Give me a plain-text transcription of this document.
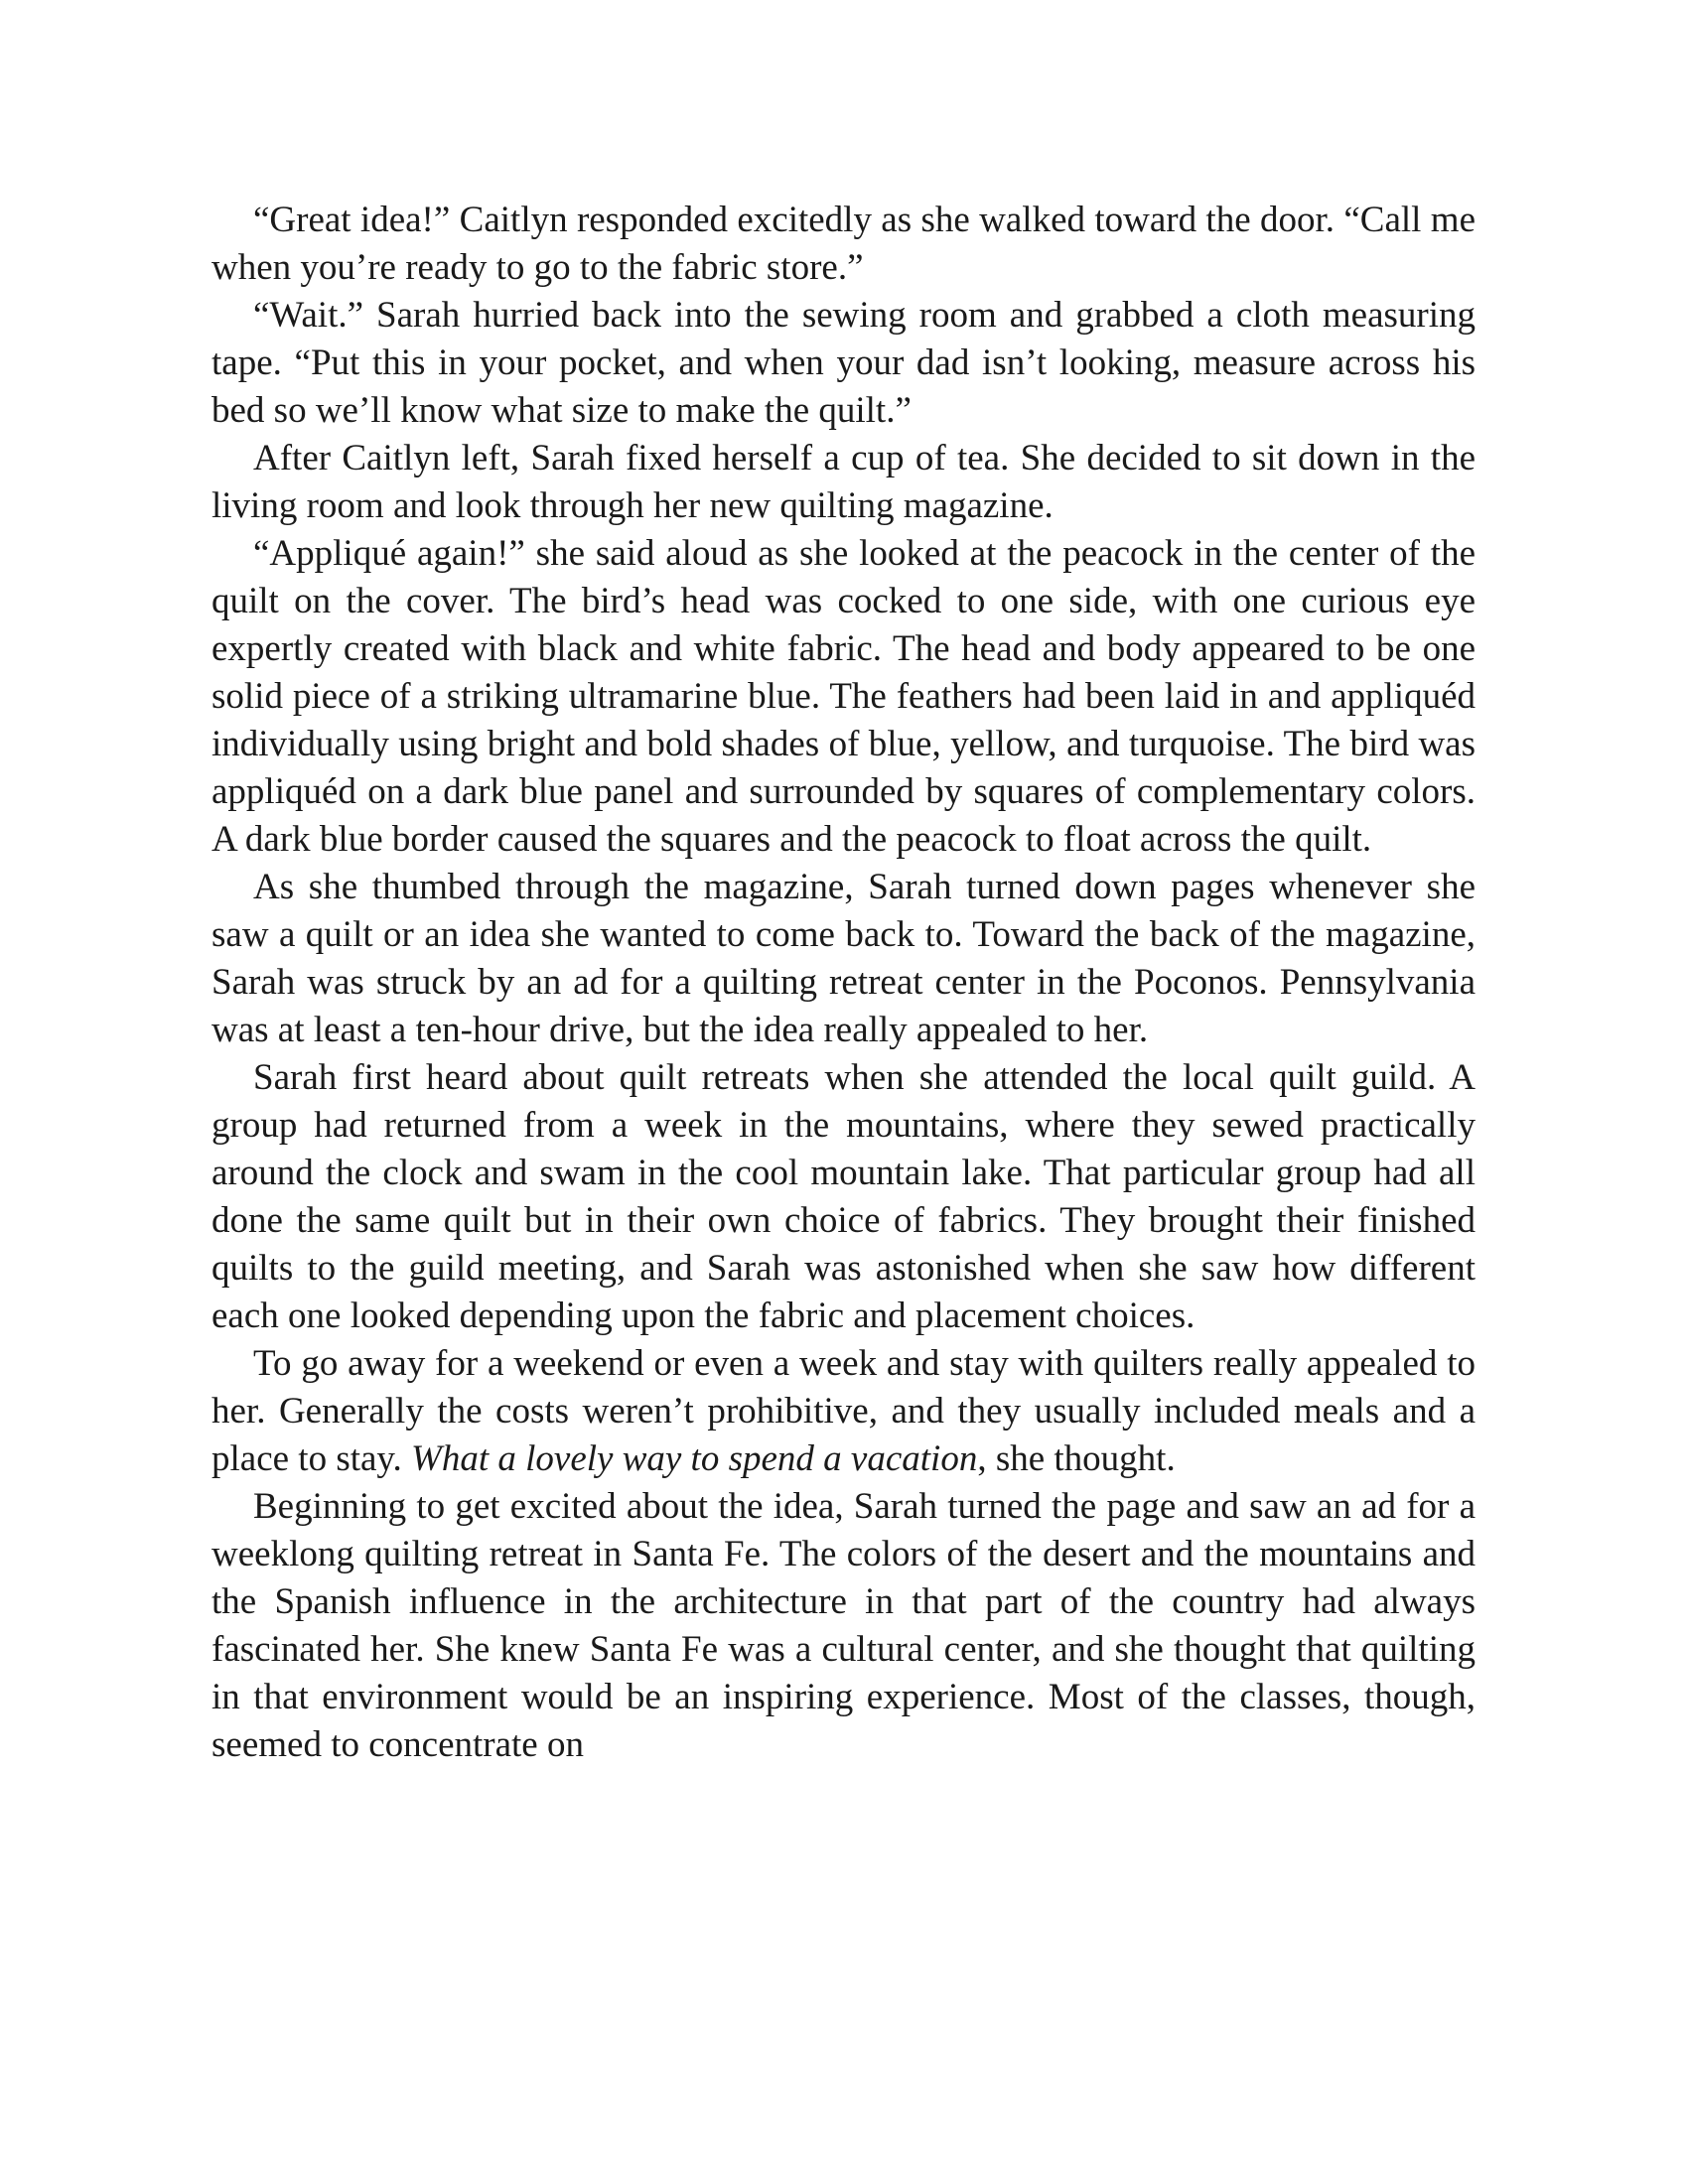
“Great idea!” Caitlyn responded excitedly as she walked toward the door. “Call me when you’re ready to go to the fabric store.”

“Wait.” Sarah hurried back into the sewing room and grabbed a cloth measuring tape. “Put this in your pocket, and when your dad isn’t looking, measure across his bed so we’ll know what size to make the quilt.”

After Caitlyn left, Sarah fixed herself a cup of tea. She decided to sit down in the living room and look through her new quilting magazine.

“Appliqué again!” she said aloud as she looked at the peacock in the center of the quilt on the cover. The bird’s head was cocked to one side, with one curious eye expertly created with black and white fabric. The head and body appeared to be one solid piece of a striking ultramarine blue. The feathers had been laid in and appliquéd individually using bright and bold shades of blue, yellow, and turquoise. The bird was appliquéd on a dark blue panel and surrounded by squares of complementary colors. A dark blue border caused the squares and the peacock to float across the quilt.

As she thumbed through the magazine, Sarah turned down pages whenever she saw a quilt or an idea she wanted to come back to. Toward the back of the magazine, Sarah was struck by an ad for a quilting retreat center in the Poconos. Pennsylvania was at least a ten-hour drive, but the idea really appealed to her.

Sarah first heard about quilt retreats when she attended the local quilt guild. A group had returned from a week in the mountains, where they sewed practically around the clock and swam in the cool mountain lake. That particular group had all done the same quilt but in their own choice of fabrics. They brought their finished quilts to the guild meeting, and Sarah was astonished when she saw how different each one looked depending upon the fabric and placement choices.

To go away for a weekend or even a week and stay with quilters really appealed to her. Generally the costs weren’t prohibitive, and they usually included meals and a place to stay. What a lovely way to spend a vacation, she thought.

Beginning to get excited about the idea, Sarah turned the page and saw an ad for a weeklong quilting retreat in Santa Fe. The colors of the desert and the mountains and the Spanish influence in the architecture in that part of the country had always fascinated her. She knew Santa Fe was a cultural center, and she thought that quilting in that environment would be an inspiring experience. Most of the classes, though, seemed to concentrate on
